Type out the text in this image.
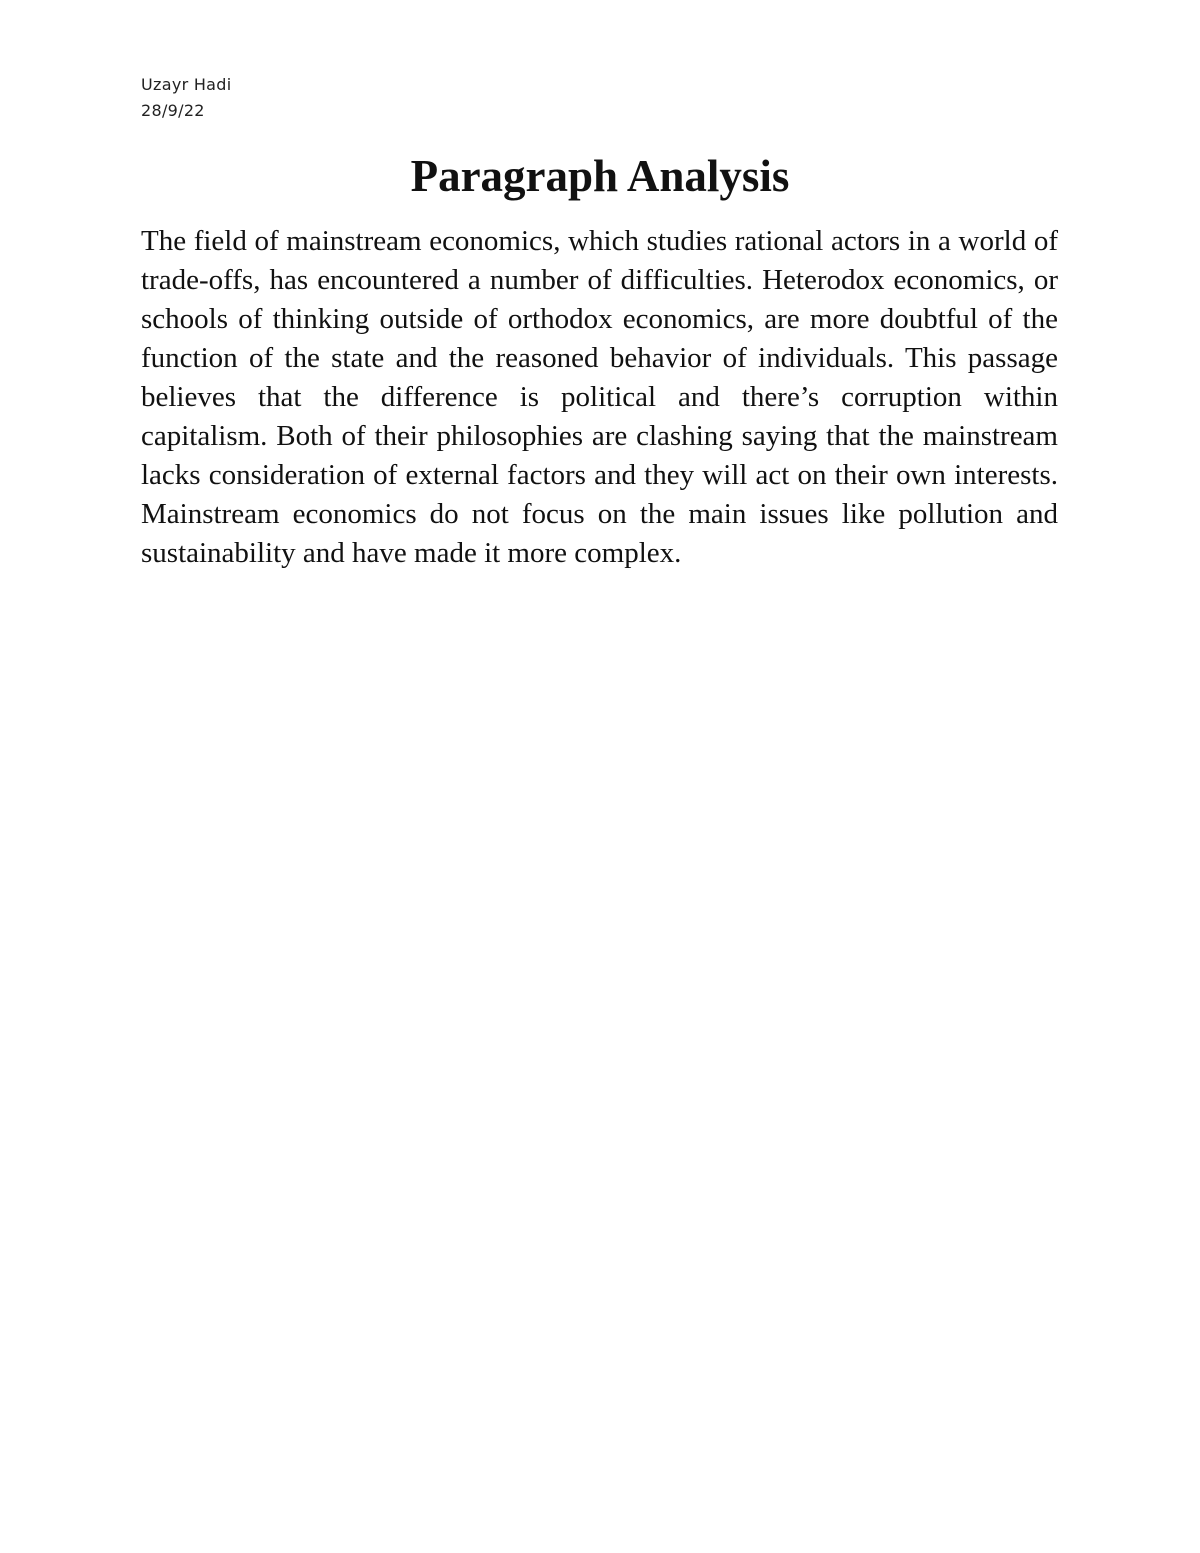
Uzayr Hadi
28/9/22
Paragraph Analysis

The field of mainstream economics, which studies rational actors in a world of trade-offs, has encountered a number of difficulties. Heterodox economics, or schools of thinking outside of orthodox economics, are more doubtful of the function of the state and the reasoned behavior of individuals. This passage believes that the difference is political and there’s corruption within capitalism. Both of their philosophies are clashing saying that the mainstream lacks consideration of external factors and they will act on their own interests. Mainstream economics do not focus on the main issues like pollution and sustainability and have made it more complex.
